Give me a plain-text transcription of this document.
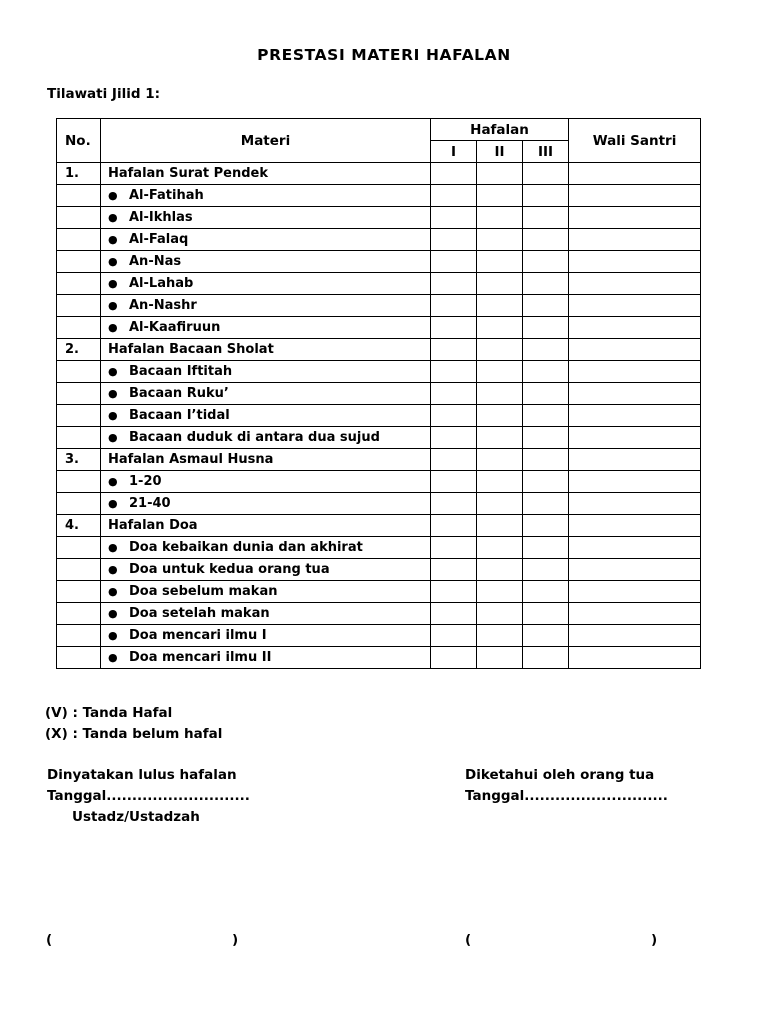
PRESTASI MATERI HAFALAN
Tilawati Jilid 1:
No.	Materi	Hafalan			Wali Santri
		I	II	III	
1.	Hafalan Surat Pendek				
	● Al-Fatihah				
	● Al-Ikhlas				
	● Al-Falaq				
	● An-Nas				
	● Al-Lahab				
	● An-Nashr				
	● Al-Kaafiruun				
2.	Hafalan Bacaan Sholat				
	● Bacaan Iftitah				
	● Bacaan Ruku’				
	● Bacaan I’tidal				
	● Bacaan duduk di antara dua sujud				
3.	Hafalan Asmaul Husna				
	● 1-20				
	● 21-40				
4.	Hafalan Doa				
	● Doa kebaikan dunia dan akhirat				
	● Doa untuk kedua orang tua				
	● Doa sebelum makan				
	● Doa setelah makan				
	● Doa mencari ilmu I				
	● Doa mencari ilmu II				
(V) : Tanda Hafal
(X) : Tanda belum hafal
Dinyatakan lulus hafalan
Tanggal............................
Ustadz/Ustadzah
Diketahui oleh orang tua
Tanggal............................
(	)	(	)
